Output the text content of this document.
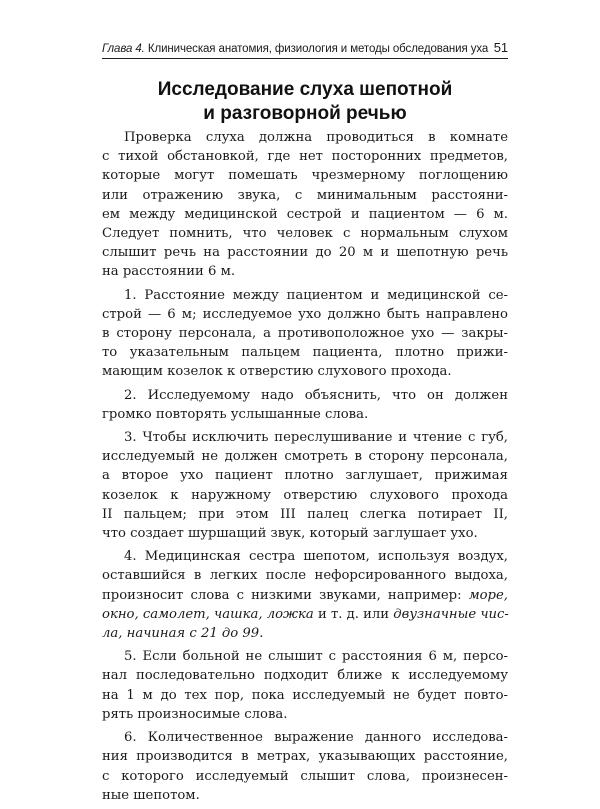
Глава 4. Клиническая анатомия, физиология и методы обследования уха 51
Исследование слуха шепотной
и разговорной речью
Проверка слуха должна проводиться в комнате
с тихой обстановкой, где нет посторонних предметов,
которые могут помешать чрезмерному поглощению
или отражению звука, с минимальным расстояни-
ем между медицинской сестрой и пациентом — 6 м.
Следует помнить, что человек с нормальным слухом
слышит речь на расстоянии до 20 м и шепотную речь
на расстоянии 6 м.
1. Расстояние между пациентом и медицинской се-
строй — 6 м; исследуемое ухо должно быть направлено
в сторону персонала, а противоположное ухо — закры-
то указательным пальцем пациента, плотно прижи-
мающим козелок к отверстию слухового прохода.
2. Исследуемому надо объяснить, что он должен
громко повторять услышанные слова.
3. Чтобы исключить переслушивание и чтение с губ,
исследуемый не должен смотреть в сторону персонала,
а второе ухо пациент плотно заглушает, прижимая
козелок к наружному отверстию слухового прохода
II пальцем; при этом III палец слегка потирает II,
что создает шуршащий звук, который заглушает ухо.
4. Медицинская сестра шепотом, используя воздух,
оставшийся в легких после нефорсированного выдоха,
произносит слова с низкими звуками, например: море,
окно, самолет, чашка, ложка и т. д. или двузначные чис-
ла, начиная с 21 до 99.
5. Если больной не слышит с расстояния 6 м, персо-
нал последовательно подходит ближе к исследуемому
на 1 м до тех пор, пока исследуемый не будет повто-
рять произносимые слова.
6. Количественное выражение данного исследова-
ния производится в метрах, указывающих расстояние,
с которого исследуемый слышит слова, произнесен-
ные шепотом.
